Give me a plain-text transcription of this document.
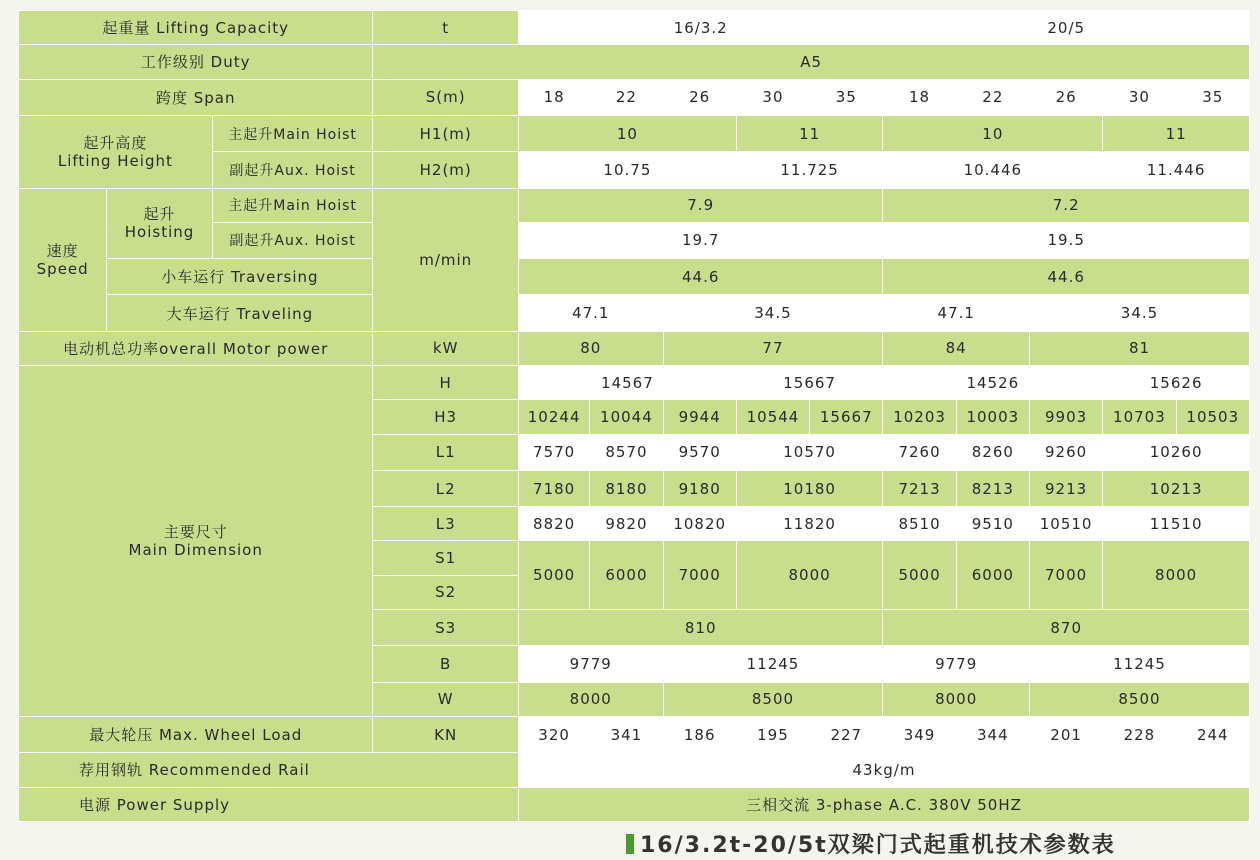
起重量 Lifting Capacity			t	16/3.2					20/5				
工作级别 Duty			A5										
跨度 Span			S(m)	18	22	26	30	35	18	22	26	30	35

起升高度
Lifting Height		主起升Main Hoist	H1(m)	10			11		10			11	
		副起升Aux. Hoist	H2(m)	10.75			11.725		10.446			11.446	

速度
Speed	起升
Hoisting	主起升Main Hoist	m/min	7.9					7.2				
		副起升Aux. Hoist		19.7					19.5				
	小车运行 Traversing			44.6					44.6				
	大车运行 Traveling			47.1		34.5			47.1		34.5		
电动机总功率overall Motor power			kW	80		77			84		81		

主要尺寸
Main Dimension			H	14567			15667		14526			15626	
			H3	10244	10044	9944	10544	15667	10203	10003	9903	10703	10503
			L1	7570	8570	9570	10570		7260	8260	9260	10260	
			L2	7180	8180	9180	10180		7213	8213	9213	10213	
			L3	8820	9820	10820	11820		8510	9510	10510	11510	
			S1	5000	6000	7000	8000		5000	6000	7000	8000	
			S2										
			S3	810					870				
			B	9779		11245			9779		11245		
			W	8000		8500			8000		8500		
最大轮压 Max. Wheel Load			KN	320	341	186	195	227	349	344	201	228	244
荐用钢轨 Recommended Rail				43kg/m									
电源 Power Supply				三相交流 3-phase A.C. 380V 50HZ									
16/3.2t-20/5t双梁门式起重机技术参数表
